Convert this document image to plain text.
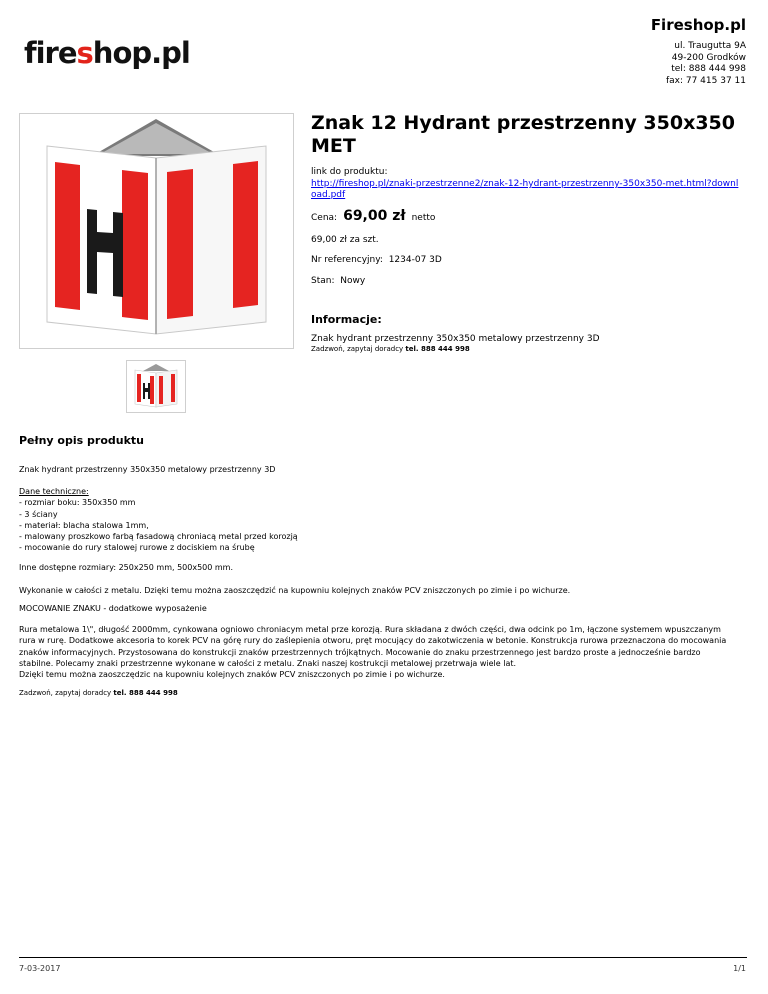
Fireshop.pl
ul. Traugutta 9A
49-200 Grodków
tel: 888 444 998
fax: 77 415 37 11
fireshop.pl
Znak 12 Hydrant przestrzenny 350x350 MET
link do produktu:
http://fireshop.pl/znaki-przestrzenne2/znak-12-hydrant-przestrzenny-350x350-met.html?download.pdf
Cena: 69,00 zł netto
69,00 zł za szt.
Nr referencyjny: 1234-07 3D
Stan: Nowy
Informacje:
Znak hydrant przestrzenny 350x350 metalowy przestrzenny 3D
Zadzwoń, zapytaj doradcy tel. 888 444 998
Pełny opis produktu
Znak hydrant przestrzenny 350x350 metalowy przestrzenny 3D
Dane techniczne:
- rozmiar boku: 350x350 mm
- 3 ściany
- materiał: blacha stalowa 1mm,
- malowany proszkowo farbą fasadową chroniacą metal przed korozją
- mocowanie do rury stalowej rurowe z dociskiem na śrubę
Inne dostępne rozmiary: 250x250 mm, 500x500 mm.
Wykonanie w całości z metalu. Dzięki temu można zaoszczędzić na kupowniu kolejnych znaków PCV zniszczonych po zimie i po wichurze.
MOCOWANIE ZNAKU - dodatkowe wyposażenie
Rura metalowa 1\", długość 2000mm, cynkowana ogniowo chroniacym metal prze korozją. Rura składana z dwóch części, dwa odcink po 1m, łączone systemem wpuszczanym
rura w rurę. Dodatkowe akcesoria to korek PCV na górę rury do zaślepienia otworu, pręt mocujący do zakotwiczenia w betonie. Konstrukcja rurowa przeznaczona do mocowania
znaków informacyjnych. Przystosowana do konstrukcji znaków przestrzennych trójkątnych. Mocowanie do znaku przestrzennego jest bardzo proste a jednocześnie bardzo
stabilne. Polecamy znaki przestrzenne wykonane w całości z metalu. Znaki naszej kostrukcji metalowej przetrwaja wiele lat.
Dzięki temu można zaoszczędzic na kupowniu kolejnych znaków PCV zniszczonych po zimie i po wichurze.
Zadzwoń, zapytaj doradcy tel. 888 444 998
7-03-2017	1/1
